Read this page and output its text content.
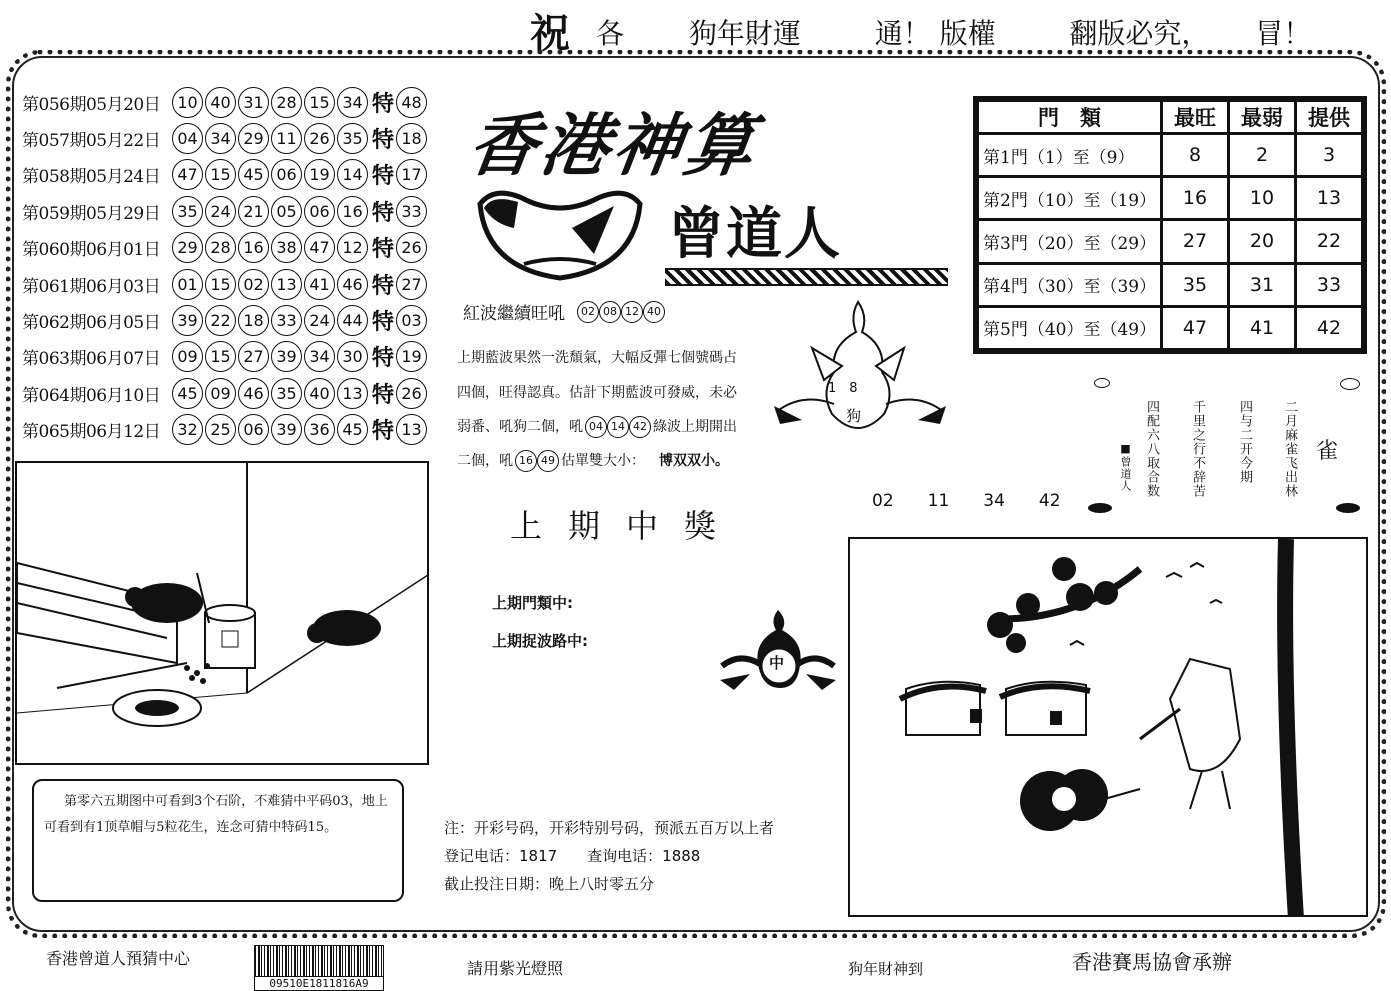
祝 各　 　狗年財運　 　 通！ 版權　 　 翻版必究， 　 冒！
第056期05月20日	10 40 31 28 15 34 特 48
第057期05月22日	04 34 29 11 26 35 特 18
第058期05月24日	47 15 45 06 19 14 特 17
第059期05月29日	35 24 21 05 06 16 特 33
第060期06月01日	29 28 16 38 47 12 特 26
第061期06月03日	01 15 02 13 41 46 特 27
第062期06月05日	39 22 18 33 24 44 特 03
第063期06月07日	09 15 27 39 34 30 特 19
第064期06月10日	45 09 46 35 40 13 特 26
第065期06月12日	32 25 06 39 36 45 特 13
香港神算
曾道人
紅波繼續旺吼	02 08 12 40
上期藍波果然一洗頹氣，大幅反彈七個號碼占
四個，旺得認真。估計下期藍波可發威，未必
弱番、吼狗二個，吼 04 14 42 綠波上期開出
二個，吼 16 49 估單雙大小： 博双双小。
1　8
狗
上期中獎
上期門類中:
上期捉波路中:
中
注：开彩号码，开彩特别号码，预派五百万以上者
登记电话：1817　　查询电话：1888
截止投注日期：晚上八时零五分
門　類	最旺	最弱	提供
第1門（1）至（9）	8	2	3
第2門（10）至（19）	16	10	13
第3門（20）至（29）	27	20	22
第4門（30）至（39）	35	31	33
第5門（40）至（49）	47	41	42
二月麻雀飞出林
四与二开今期
千里之行不辞苦
四配六八取合数
■曾道人	雀
02 11 34 42
第零六五期图中可看到3个石阶，不难猜中平码03，地上
可看到有1顶草帽与5粒花生，连念可猜中特码15。
香港曾道人預猜中心
09510E1811816A9
請用紫光燈照	狗年財神到	香港賽馬協會承辦
